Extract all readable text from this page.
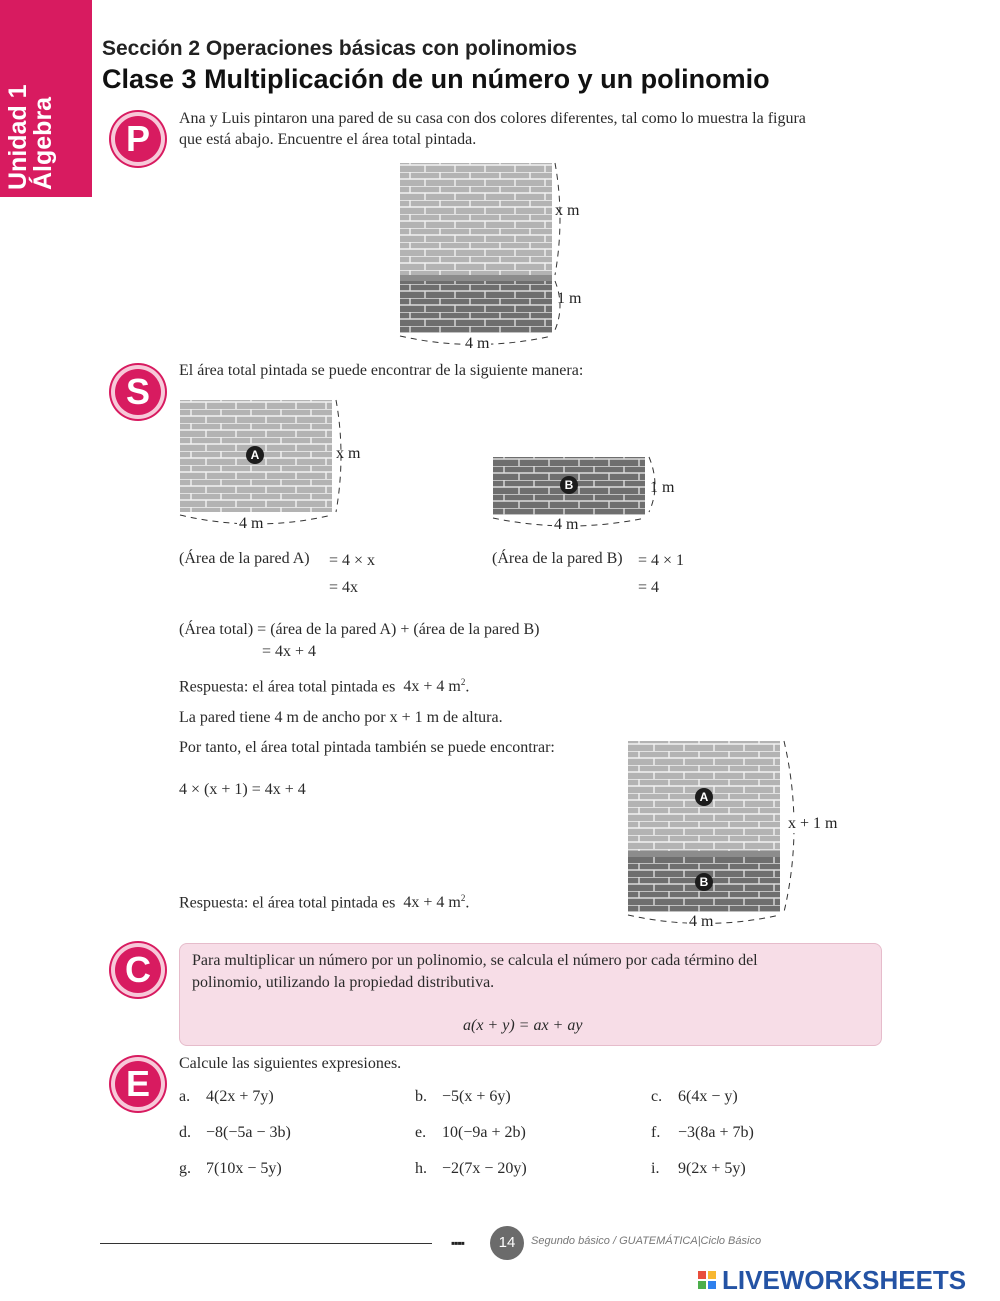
Unidad 1
Álgebra
Sección 2 Operaciones básicas con polinomios
Clase 3 Multiplicación de un número y un polinomio
P	Ana y Luis pintaron una pared de su casa con dos colores diferentes, tal como lo muestra la figura
que está abajo. Encuentre el área total pintada.
x m
1 m
4 m
S
El área total pintada se puede encontrar de la siguiente manera:
A	x m
4 m
B	1 m
4 m
(Área de la pared A) = 4 × x
= 4x
(Área de la pared B) = 4 × 1
= 4
(Área total) = (área de la pared A) + (área de la pared B)
= 4x + 4
Respuesta: el área total pintada es 4x + 4 $m^2$.
La pared tiene 4 m de ancho por x + 1 m de altura.
Por tanto, el área total pintada también se puede encontrar:
4 × (x + 1) = 4x + 4
Respuesta: el área total pintada es 4x + 4 $m^2$.
A
B
x + 1 m
4 m
C	Para multiplicar un número por un polinomio, se calcula el número por cada término del
polinomio, utilizando la propiedad distributiva.
a(x + y) = ax + ay
E	Calcule las siguientes expresiones.
a. 4(2x + 7y)	b. −5(x + 6y)	c. 6(4x − y)
d. −8(−5a − 3b)	e. 10(−9a + 2b)	f. −3(8a + 7b)
g. 7(10x − 5y)	h. −2(7x − 20y)	i. 9(2x + 5y)
▪▪▪▪	14	Segundo básico / GUATEMÁTICA|Ciclo Básico
LIVEWORKSHEETS
